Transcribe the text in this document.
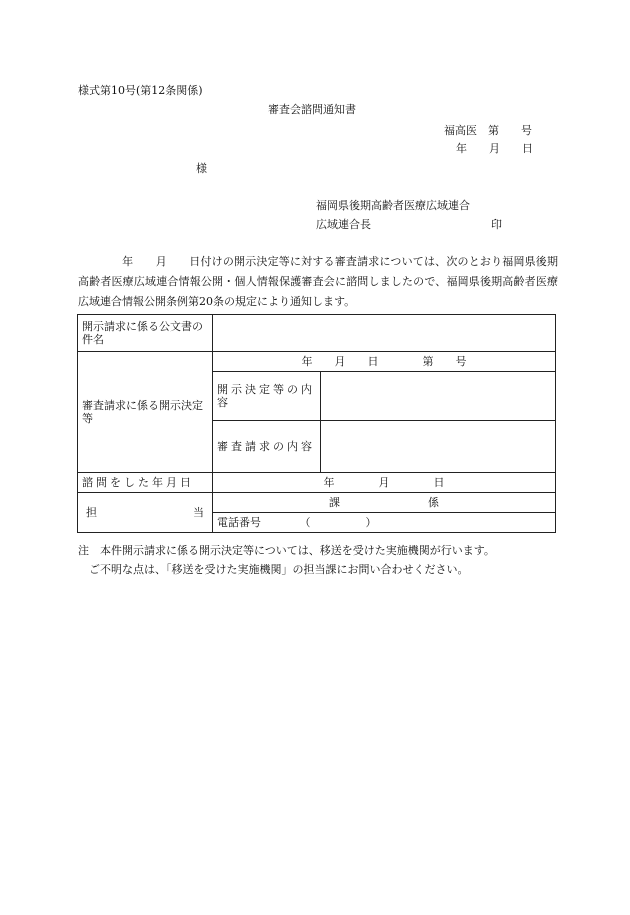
様式第10号(第12条関係)
審査会諮問通知書
福高医　第　　号
年　　月　　日
様
福岡県後期高齢者医療広域連合
広域連合長	印
年　　月　　日付けの開示決定等に対する審査請求については、次のとおり福岡県後期高齢者医療広域連合情報公開・個人情報保護審査会に諮問しましたので、福岡県後期高齢者医療広域連合情報公開条例第20条の規定により通知します。
開示請求に係る公文書の件名		
審査請求に係る開示決定等	年　　月　　日　　　　第　　号	
	開示決定等の内容	
	審査請求の内容	
諮問をした年月日	年　　　　月　　　　日	

担 当	課　　　　　　　　係	
	電話番号　　　　（　　　　　）	
注　本件開示請求に係る開示決定等については、移送を受けた実施機関が行います。
ご不明な点は、「移送を受けた実施機関」の担当課にお問い合わせください。
